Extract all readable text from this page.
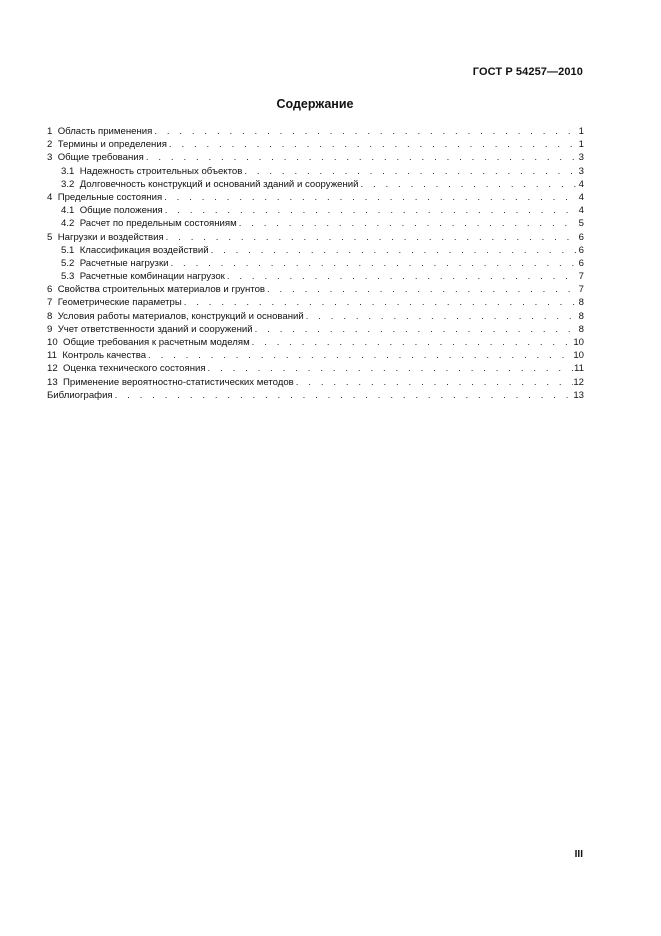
ГОСТ Р 54257—2010
Содержание
1 Область применения . . .	1
2 Термины и определения . . .	1
3 Общие требования . . .	3
3.1 Надежность строительных объектов . . .	3
3.2 Долговечность конструкций и оснований зданий и сооружений . . .	4
4 Предельные состояния . . .	4
4.1 Общие положения . . .	4
4.2 Расчет по предельным состояниям . . .	5
5 Нагрузки и воздействия . . .	6
5.1 Классификация воздействий . . .	6
5.2 Расчетные нагрузки . . .	6
5.3 Расчетные комбинации нагрузок . . .	7
6 Свойства строительных материалов и грунтов . . .	7
7 Геометрические параметры . . .	8
8 Условия работы материалов, конструкций и оснований . . .	8
9 Учет ответственности зданий и сооружений . . .	8
10 Общие требования к расчетным моделям . . .	10
11 Контроль качества . . .	10
12 Оценка технического состояния . . .	11
13 Применение вероятностно-статистических методов . . .	12
Библиография . . .	13
III
